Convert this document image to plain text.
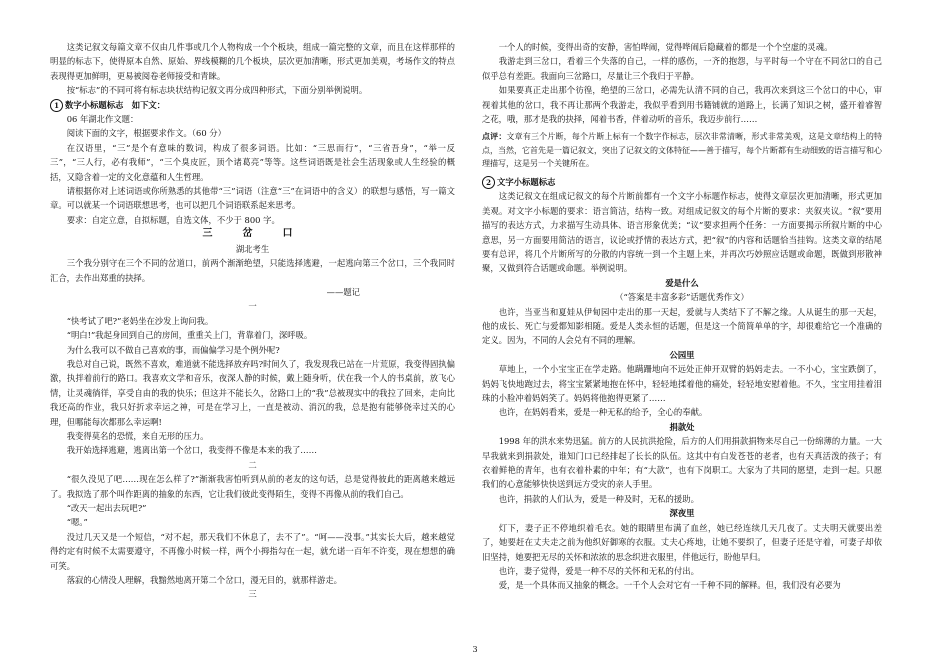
这类记叙文每篇文章不仅由几件事或几个人物构成一个个板块，组成一篇完整的文章，而且在这样那样的明显的标志下，使得原本自然、原始、界线模糊的几个板块，层次更加清晰，形式更加美观，考场作文的特点表现得更加鲜明，更易被阅卷老师接受和青睐。

按“标志”的不同可将有标志块状结构记叙文再分成四种形式，下面分别举例说明。

1 数字小标题标志　如下文：

06 年湖北作文题：

阅读下面的文字，根据要求作文。（60 分）

在汉语里，“三”是个有意味的数词，构成了很多词语。比如：“三思而行”，“三省吾身”，“举一反三”，“三人行，必有我师”，“三个臭皮匠，顶个诸葛亮”等等。这些词语既是社会生活现象或人生经验的概括，又隐含着一定的文化意蕴和人生哲理。

请根据你对上述词语或你所熟悉的其他带“三”词语（注意“三”在词语中的含义）的联想与感悟，写一篇文章。可以就某一个词语联想思考，也可以把几个词语联系起来思考。

要求：自定立意，自拟标题，自选文体，不少于 800 字。

三　岔　口

湖北考生

三个我分别守在三个不同的岔道口，前两个渐渐绝望，只能选择逃避，一起逃向第三个岔口，三个我同时汇合，去作出郑重的抉择。

——题记

一

“快考试了吧?”老妈坐在沙发上询问我。

“明白!”我起身回到自己的房间，重重关上门，背靠着门，深呼吸。

为什么我可以不做自己喜欢的事，而偏偏学习是个例外呢?

我总对自己说，既然不喜欢，难道就不能选择放弃吗?时间久了，我发现我已站在一片荒原，我变得固执偏激，执拌着前行的路口。我喜欢文学和音乐，夜深人静的时候，戴上随身听，伏在我一个人的书桌前，放飞心情，让灵魂徜徉，享受自由的我的快乐；但这并不能长久，岔路口上的“我”总被现实中的我拉了回来，走向比我还高的作业，我只好折求幸运之神，可是在学习上，一直是被动、消沉的我，总是抱有能够侥幸过关的心理，但哪能每次都那么幸运啊!

我变得莫名的恐慌，来自无形的压力。

我开始选择逃避，逃离出第一个岔口，我变得不像是本来的我了……

二

“很久没见了吧……现在怎么样了?”渐渐我害怕听到从前的老友的这句话，总是觉得彼此的距离越来越远了。我拟选了那个叫作距离的抽象的东西，它让我们彼此变得陌生，变得不再像从前的我们自己。

“改天一起出去玩吧?”

“嗯。”

没过几天又是一个短信，“对不起，那天我们不休息了，去不了”。“呵——没事。”其实长大后，越来越觉得约定有时候不太需要遵守，不再像小时候一样，两个小拇指勾在一起，就允诺一百年不许变，现在想想的确可笑。

落寂的心情没人理解，我黯然地离开第二个岔口，漫无目的，就那样游走。

三

一个人的时候，变得出奇的安静，害怕哗闹，觉得哗闹后隐藏着的都是一个个空虚的灵魂。

我游走到三岔口，看着三个失落的自己，一样的感伤，一齐的抱怨，与平时每一个守在不同岔口的自己似乎总有差距。我面向三岔路口，尽量让三个我归于平静。

如果要真正走出那个彷徨，绝望的三岔口，必需先认清不同的自己，我再次来到这三个岔口的中心，审视着其他的岔口，我不再让那两个我游走，我似乎看到用书籍铺就的道路上，长满了知识之树，盛开着睿智之花，哦，那才是我的抉择，闻着书香，伴着动听的音乐，我迈步前行……

点评：文章有三个片断，每个片断上标有一个数字作标志，层次非常清晰，形式非常美观，这是文章结构上的特点，当然，它首先是一篇记叙文，突出了记叙文的文体特征——善于描写，每个片断都有生动细致的语言描写和心理描写，这是另一个关键所在。

2 文字小标题标志

这类记叙文在组成记叙文的每个片断前都有一个文字小标题作标志，使得文章层次更加清晰，形式更加美观。对文字小标题的要求：语言简洁，结构一致。对组成记叙文的每个片断的要求：夹叙夹议。“叙”要用描写的表达方式，力求描写生动具体、语言形象优美；“议”要求担两个任务：一方面要揭示所叙片断的中心意思，另一方面要用简洁的语言，议论或抒情的表达方式，把“叙”的内容和话题恰当挂钩。这类文章的结尾要有总评，将几个片断所写的分散的内容统一到一个主题上来，并再次巧妙照应话题或命题，既做到形散神聚，又做到符合话题或命题。举例说明。

爱是什么

（“答案是丰富多彩”话题优秀作文）

也许，当亚当和夏娃从伊甸园中走出的那一天起，爱就与人类结下了不解之缘。人从诞生的那一天起，他的成长、死亡与爱都知影相随。爱是人类永恒的话题，但是这一个简简单单的字，却很难给它一个准确的定义。因为，不同的人会兑有不同的理解。

公园里

草地上，一个小宝宝正在学走路。他蹒跚地向不远处正伸开双臂的妈妈走去。一不小心，宝宝跌倒了，妈妈飞快地跑过去，将宝宝紧紧地抱在怀中，轻轻地揉着他的痛处，轻轻地安慰着他。不久，宝宝用挂着泪珠的小脸冲着妈妈笑了。妈妈将他抱得更紧了……

也许，在妈妈看来，爱是一种无私的给予，全心的奉献。

捐款处

1998 年的洪水来势迅猛。前方的人民抗洪抢险，后方的人们用捐款捐物来尽自己一份绵薄的力量。一大早我就来到捐款处，谁知门口已经排起了长长的队伍。这其中有白发苍苍的老者，也有天真活泼的孩子；有衣着鲜艳的青年，也有衣着朴素的中年；有“大款”，也有下岗职工。大家为了共同的愿望，走到一起。只愿我们的心意能够快快送到远方受灾的亲人手里。

也许，捐款的人们认为，爱是一种及时，无私的援助。

深夜里

灯下，妻子正不停地织着毛衣。她的眼睛里布满了血丝，她已经连续几天几夜了。丈夫明天就要出差了，她要赶在丈夫走之前为他织好御寒的衣服。丈夫心疼地，让她不要织了，但妻子还是守着，可妻子却依旧坚持，她要把无尽的关怀和浓浓的思念织进衣服里，伴他远行，盼他早归。

也许，妻子觉得，爱是一种不尽的关怀和无私的付出。

爱，是一个具体而又抽象的概念。一千个人会对它有一千种不同的解释。但，我们没有必要为

3
